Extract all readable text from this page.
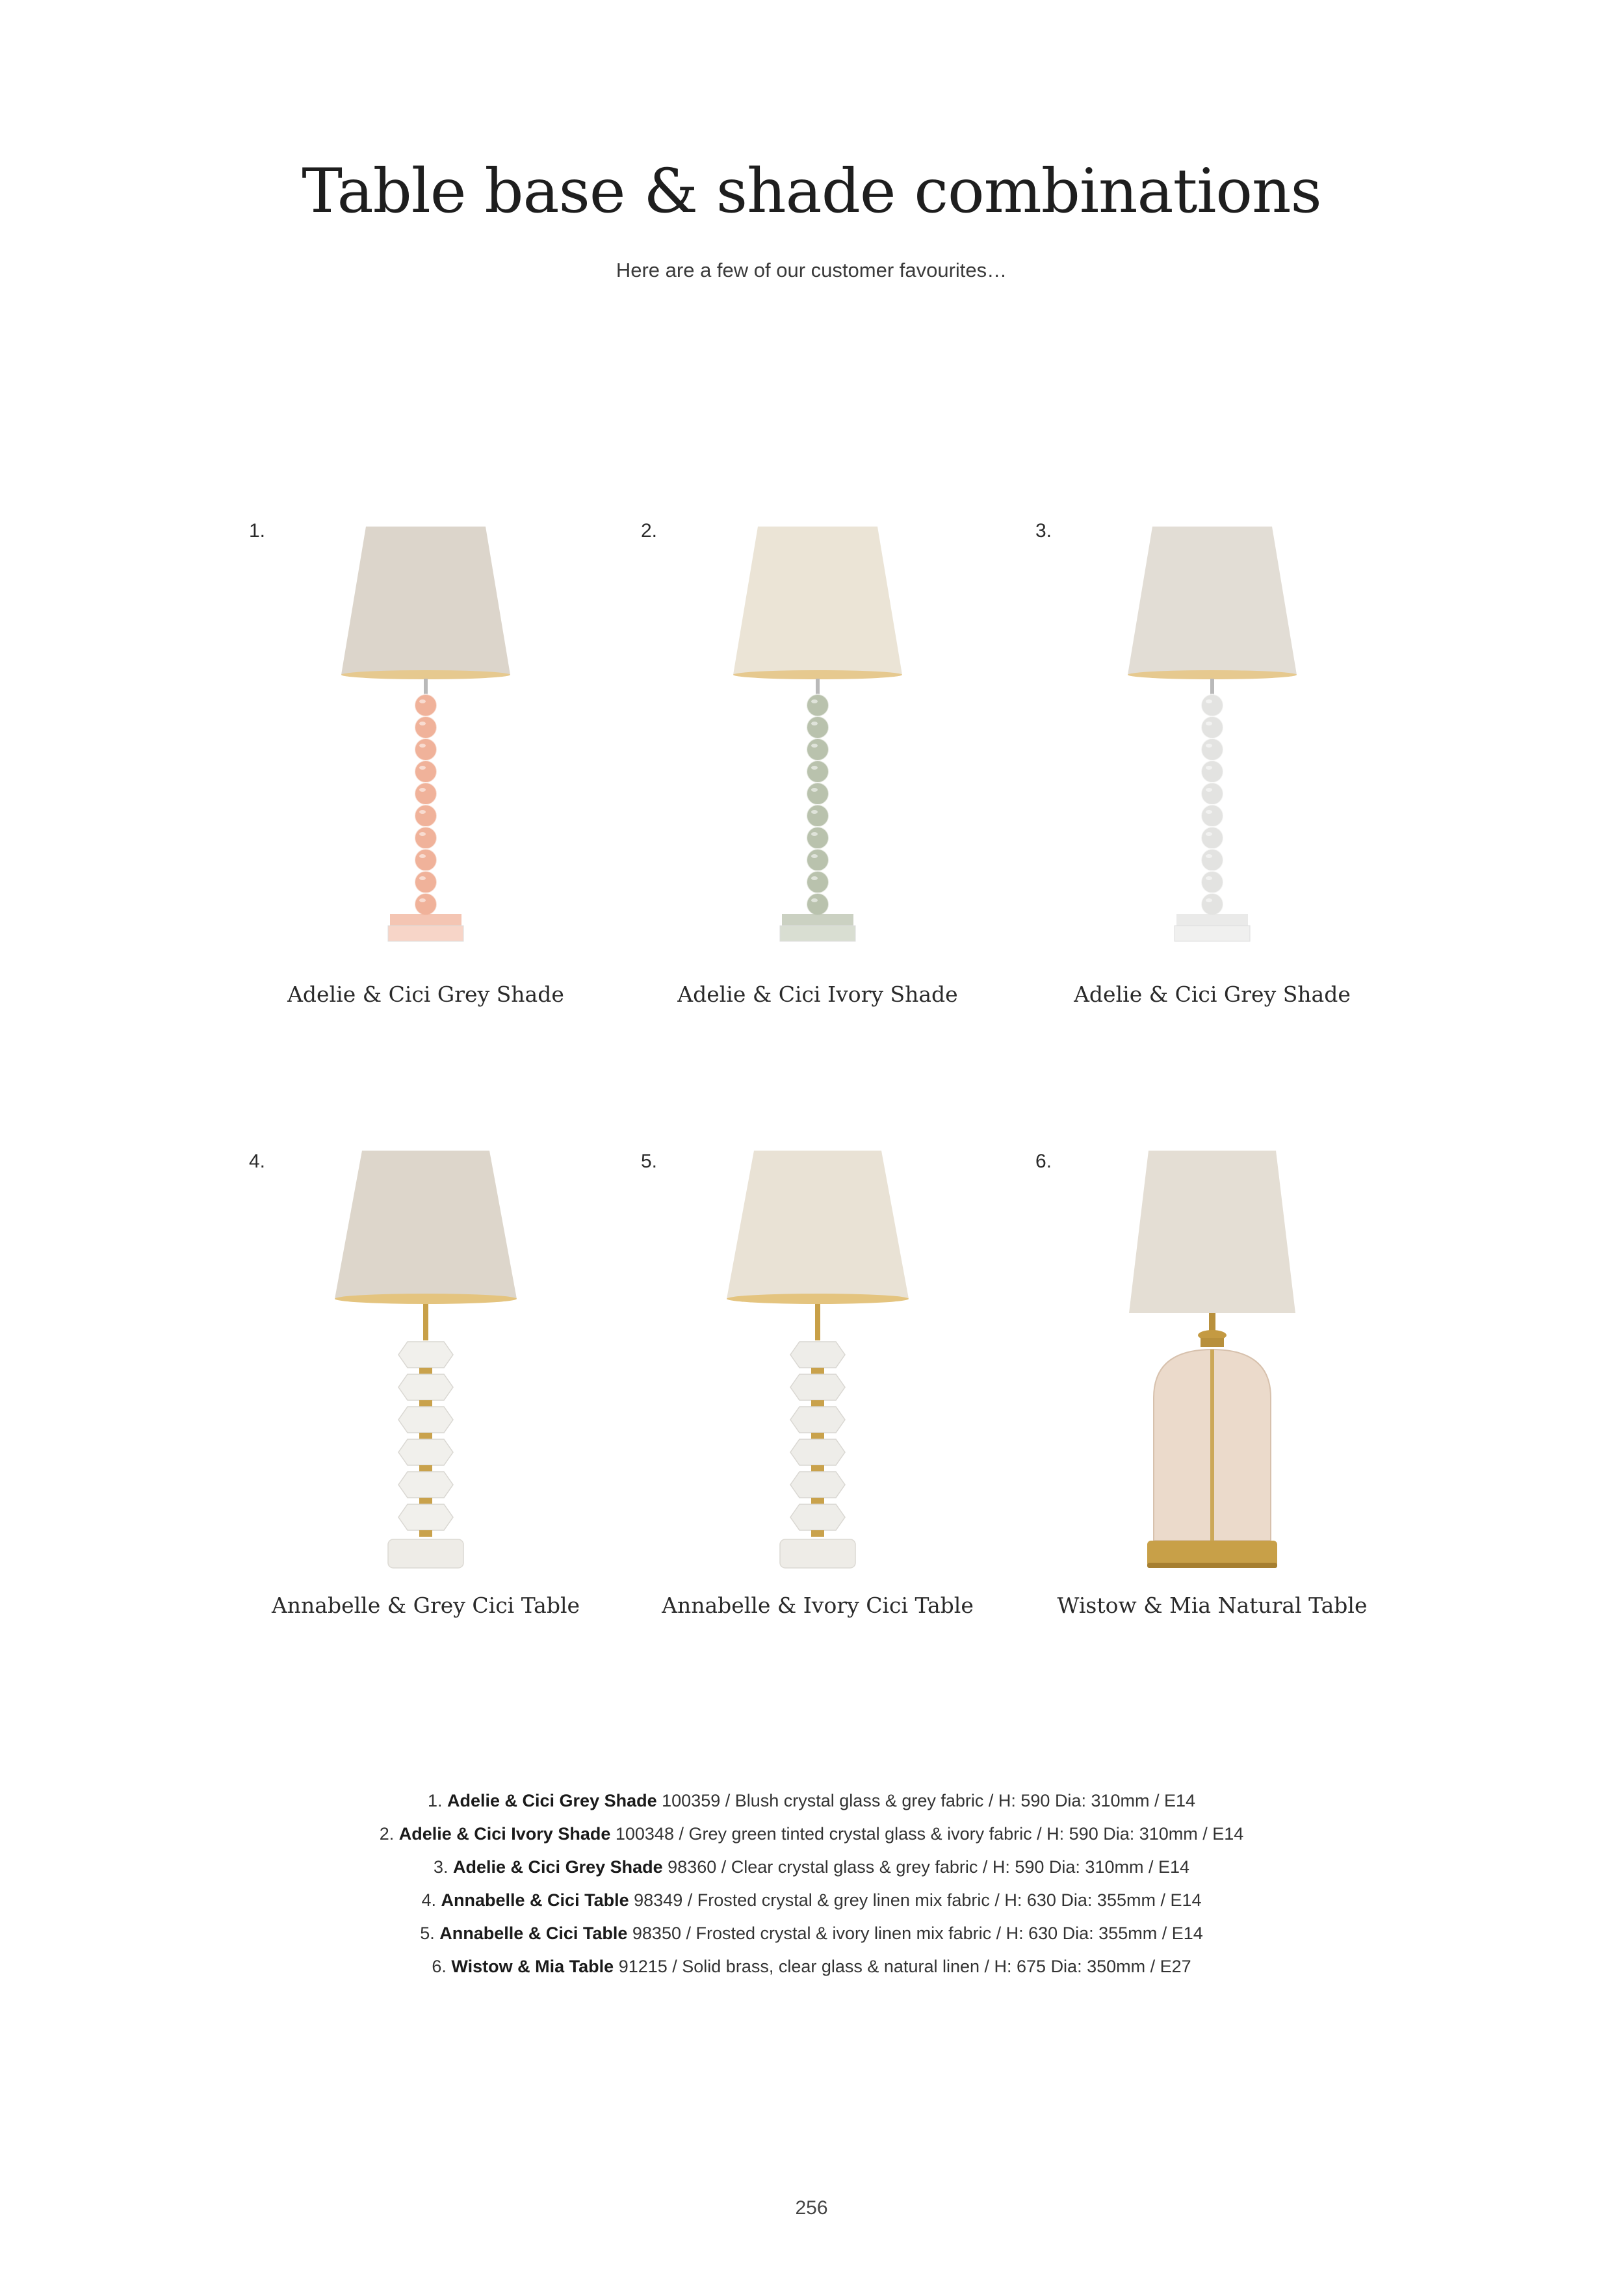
Table base & shade combinations
Here are a few of our customer favourites…
1.
Adelie & Cici Grey Shade
2.
Adelie & Cici Ivory Shade
3.
Adelie & Cici Grey Shade
4.
Annabelle & Grey Cici Table
5.
Annabelle & Ivory Cici Table
6.
Wistow & Mia Natural Table
1. Adelie & Cici Grey Shade 100359 / Blush crystal glass & grey fabric / H: 590 Dia: 310mm / E14
2. Adelie & Cici Ivory Shade 100348 / Grey green tinted crystal glass & ivory fabric / H: 590 Dia: 310mm / E14
3. Adelie & Cici Grey Shade 98360 / Clear crystal glass & grey fabric / H: 590 Dia: 310mm / E14
4. Annabelle & Cici Table 98349 / Frosted crystal & grey linen mix fabric / H: 630 Dia: 355mm / E14
5. Annabelle & Cici Table 98350 / Frosted crystal & ivory linen mix fabric / H: 630 Dia: 355mm / E14
6. Wistow & Mia Table 91215 / Solid brass, clear glass & natural linen / H: 675 Dia: 350mm / E27
256
